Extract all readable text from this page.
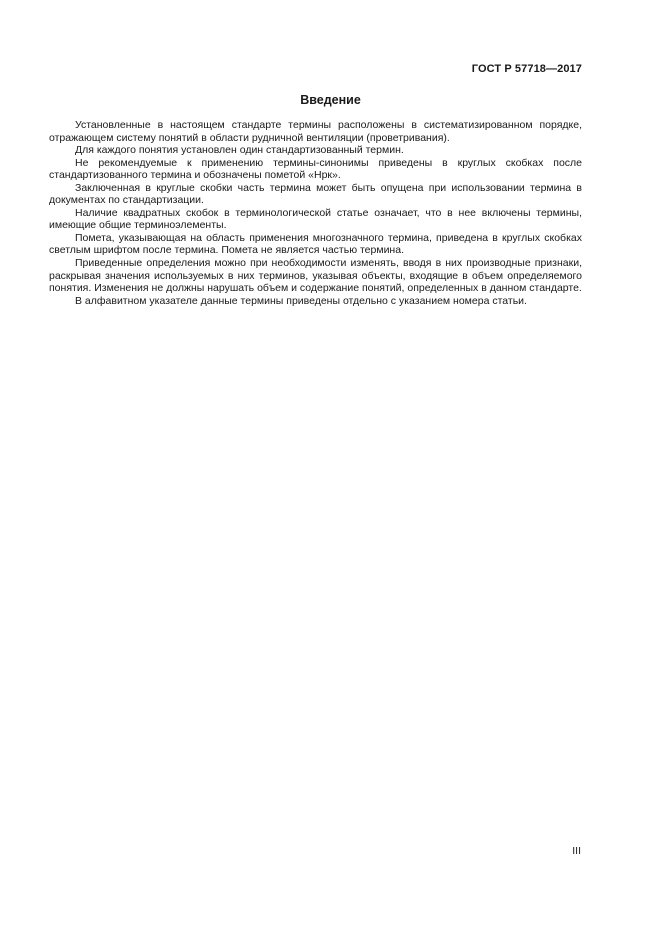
ГОСТ Р 57718—2017
Введение

Установленные в настоящем стандарте термины расположены в систематизированном порядке, отражающем систему понятий в области рудничной вентиляции (проветривания).

Для каждого понятия установлен один стандартизованный термин.

Не рекомендуемые к применению термины-синонимы приведены в круглых скобках после стандартизованного термина и обозначены пометой «Нрк».

Заключенная в круглые скобки часть термина может быть опущена при использовании термина в документах по стандартизации.

Наличие квадратных скобок в терминологической статье означает, что в нее включены термины, имеющие общие терминоэлементы.

Помета, указывающая на область применения многозначного термина, приведена в круглых скобках светлым шрифтом после термина. Помета не является частью термина.

Приведенные определения можно при необходимости изменять, вводя в них производные признаки, раскрывая значения используемых в них терминов, указывая объекты, входящие в объем определяемого понятия. Изменения не должны нарушать объем и содержание понятий, определенных в данном стандарте.

В алфавитном указателе данные термины приведены отдельно с указанием номера статьи.

III
